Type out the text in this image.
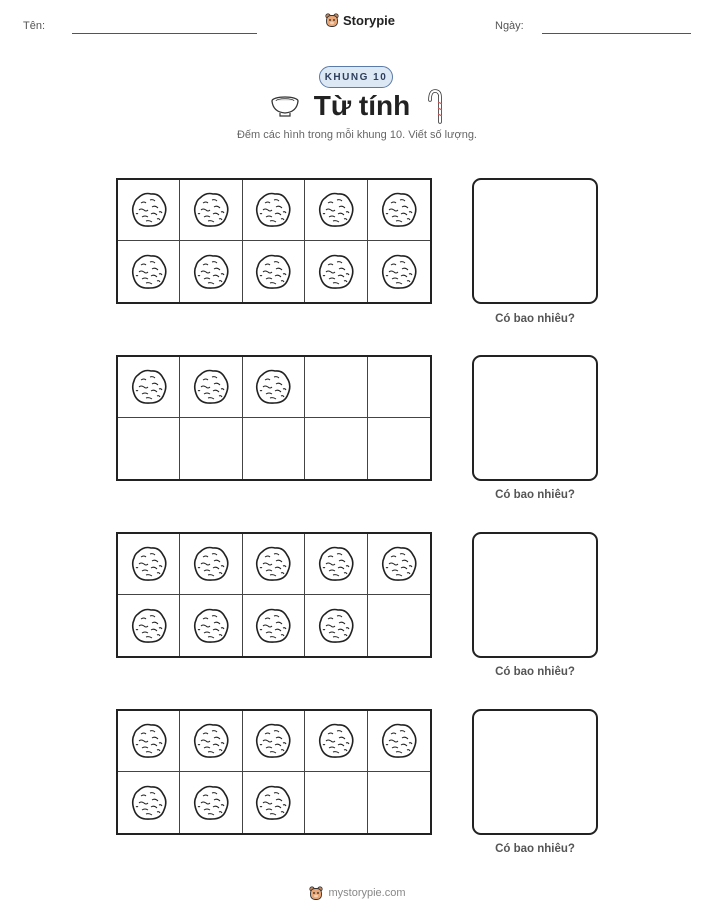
Tên:	Storypie	Ngày:
KHUNG 10
Từ tính
Đếm các hình trong mỗi khung 10. Viết số lượng.
Có bao nhiêu?
Có bao nhiêu?
Có bao nhiêu?
Có bao nhiêu?
mystorypie.com
